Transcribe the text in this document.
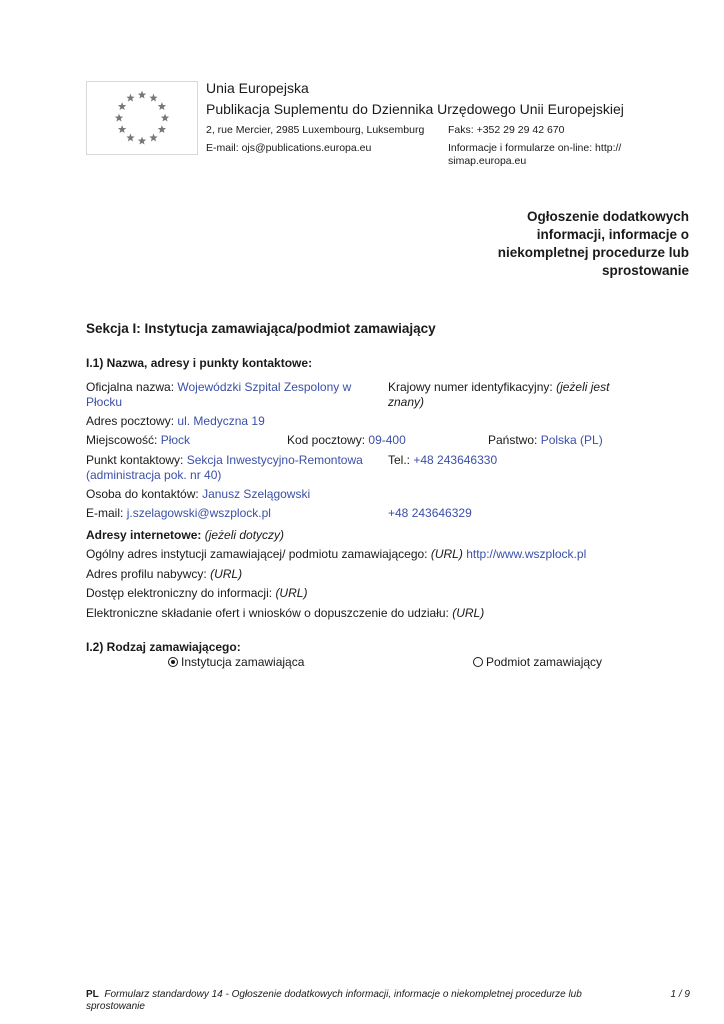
Unia Europejska
Publikacja Suplementu do Dziennika Urzędowego Unii Europejskiej
2, rue Mercier, 2985 Luxembourg, Luksemburg Faks: +352 29 29 42 670
E-mail: ojs@publications.europa.eu	Informacje i formularze on-line: http://
simap.europa.eu
Ogłoszenie dodatkowych
informacji, informacje o
niekompletnej procedurze lub
sprostowanie
Sekcja I: Instytucja zamawiająca/podmiot zamawiający
I.1) Nazwa, adresy i punkty kontaktowe:
Oficjalna nazwa: Wojewódzki Szpital Zespolony w
Płocku
Krajowy numer identyfikacyjny: (jeżeli jest
znany)
Adres pocztowy: ul. Medyczna 19
Miejscowość: Płock	Kod pocztowy: 09-400	Państwo: Polska (PL)
Punkt kontaktowy: Sekcja Inwestycyjno-Remontowa
(administracja pok. nr 40)
Tel.: +48 243646330
Osoba do kontaktów: Janusz Szelągowski
E-mail: j.szelagowski@wszplock.pl	+48 243646329
Adresy internetowe: (jeżeli dotyczy)
Ogólny adres instytucji zamawiającej/ podmiotu zamawiającego: (URL) http://www.wszplock.pl
Adres profilu nabywcy: (URL)
Dostęp elektroniczny do informacji: (URL)
Elektroniczne składanie ofert i wniosków o dopuszczenie do udziału: (URL)
I.2) Rodzaj zamawiającego:
Instytucja zamawiająca	Podmiot zamawiający
PL Formularz standardowy 14 - Ogłoszenie dodatkowych informacji, informacje o niekompletnej procedurze lub
sprostowanie
1 / 9
